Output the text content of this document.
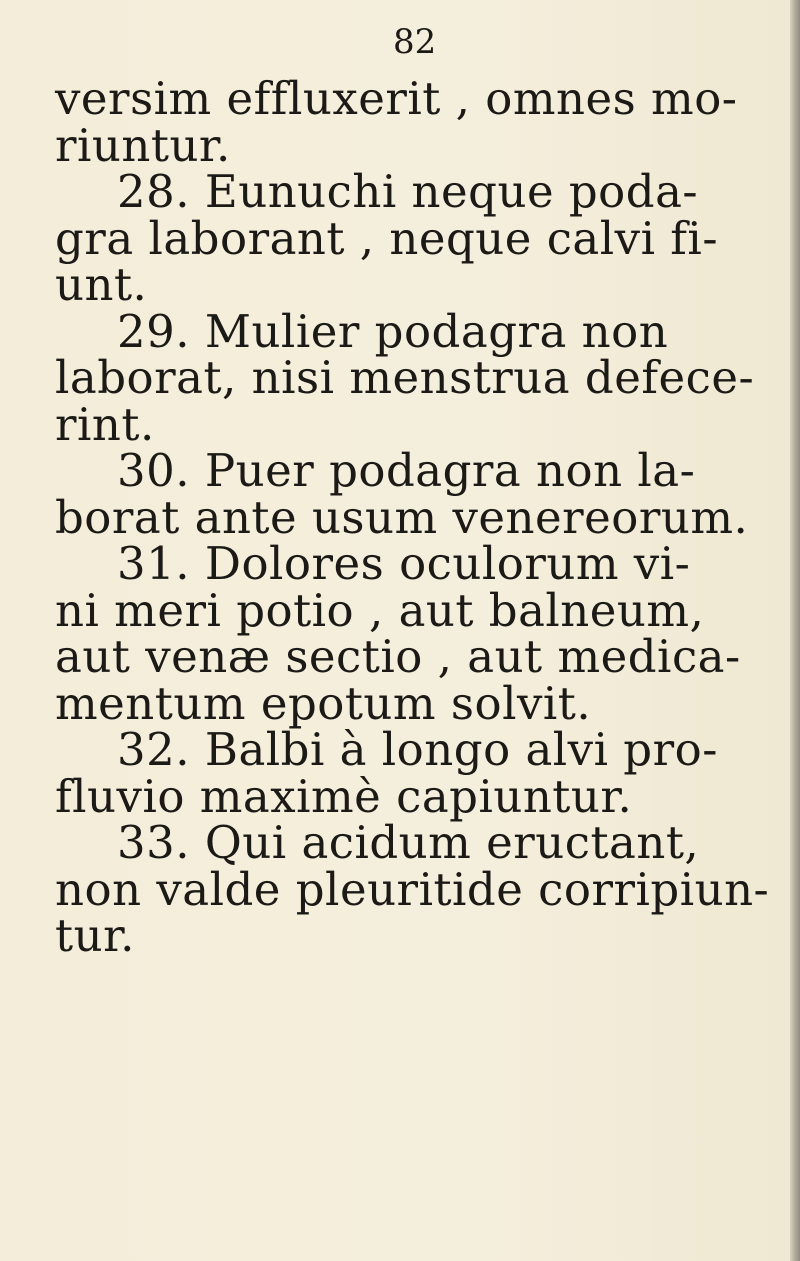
82
versim effluxerit , omnes mo-
riuntur.
28. Eunuchi neque poda-
gra laborant , neque calvi fi-
unt.
29. Mulier podagra non
laborat, nisi menstrua defece-
rint.
30. Puer podagra non la-
borat ante usum venereorum.
31. Dolores oculorum vi-
ni meri potio , aut balneum,
aut venæ sectio , aut medica-
mentum epotum solvit.
32. Balbi à longo alvi pro-
fluvio maximè capiuntur.
33. Qui acidum eructant,
non valde pleuritide corripiun-
tur.
